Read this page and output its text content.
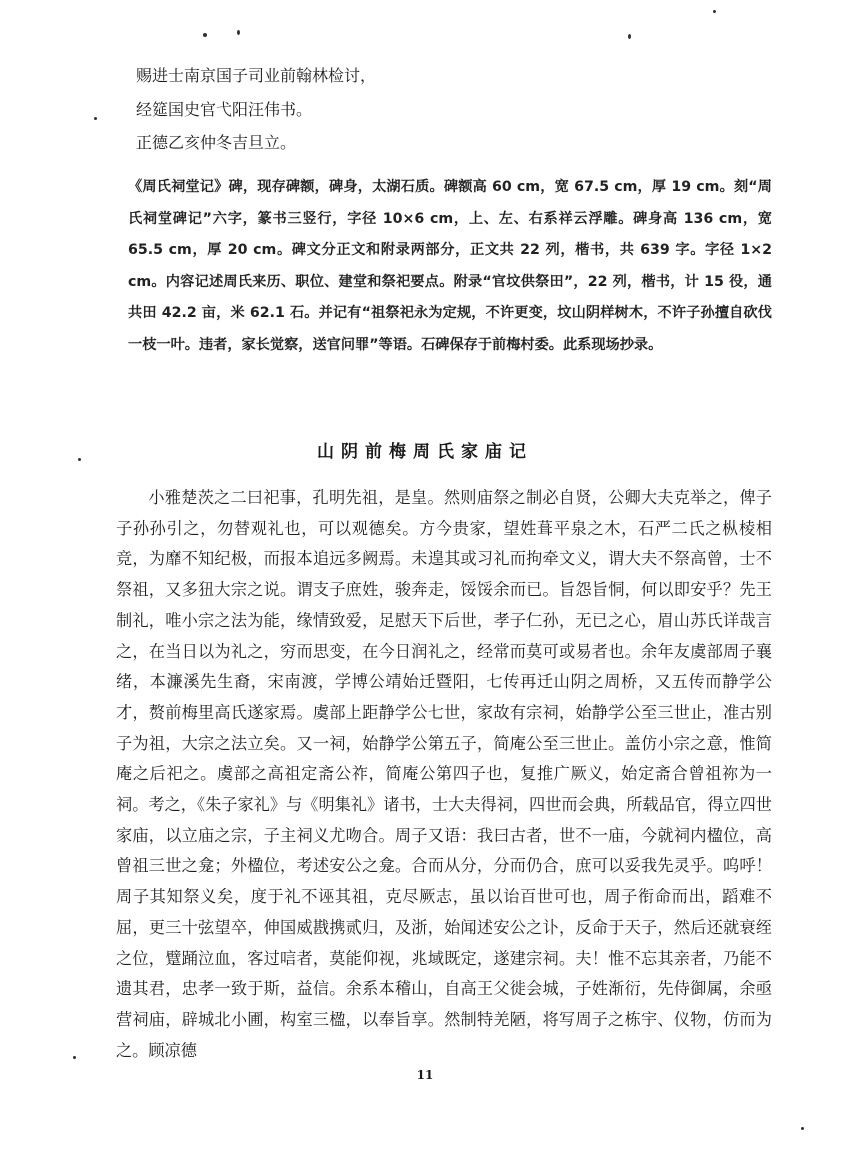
赐进士南京国子司业前翰林检讨，
经筵国史官弋阳汪伟书。
正德乙亥仲冬吉旦立。

《周氏祠堂记》碑，现存碑额，碑身，太湖石质。碑额高 60 cm，宽 67.5 cm，厚 19 cm。刻“周氏祠堂碑记”六字，篆书三竖行，字径 10×6 cm，上、左、右系祥云浮雕。碑身高 136 cm，宽 65.5 cm，厚 20 cm。碑文分正文和附录两部分，正文共 22 列，楷书，共 639 字。字径 1×2 cm。内容记述周氏来历、职位、建堂和祭祀要点。附录“官坟供祭田”，22 列，楷书，计 15 役，通共田 42.2 亩，米 62.1 石。并记有“祖祭祀永为定规，不许更变，坟山阴样树木，不许子孙擅自砍伐一枝一叶。违者，家长觉察，送官问罪”等语。石碑保存于前梅村委。此系现场抄录。

山阴前梅周氏家庙记

小雅楚茨之二曰祀事，孔明先祖，是皇。然则庙祭之制必自贤，公卿大夫克举之，俾子子孙孙引之，勿替观礼也，可以观德矣。方今贵家，望姓葺平泉之木，石严二氏之枞棱相竞，为靡不知纪极，而报本追远多阙焉。未遑其或习礼而拘牵文义，谓大夫不祭高曾，士不祭祖，又多狃大宗之说。谓支子庶姓，骏奔走，馁馁余而已。旨怨旨恫，何以即安乎？先王制礼，唯小宗之法为能，缘情致爱，足慰天下后世，孝子仁孙，无已之心，眉山苏氏详哉言之，在当日以为礼之，穷而思变，在今日润礼之，经常而莫可或易者也。余年友虞部周子襄绪，本濂溪先生裔，宋南渡，学博公靖始迁暨阳，七传再迁山阴之周桥，又五传而静学公才，赘前梅里高氏遂家焉。虞部上距静学公七世，家故有宗祠，始静学公至三世止，准古别子为祖，大宗之法立矣。又一祠，始静学公第五子，简庵公至三世止。盖仿小宗之意，惟简庵之后祀之。虞部之高祖定斋公祚，简庵公第四子也，复推广厥义，始定斋合曾祖祢为一祠。考之，《朱子家礼》与《明集礼》诸书，士大夫得祠，四世而会典，所载品官，得立四世家庙，以立庙之宗，子主祠义尤吻合。周子又语：我曰古者，世不一庙，今就祠内楹位，高曾祖三世之龛；外楹位，考述安公之龛。合而从分，分而仍合，庶可以妥我先灵乎。呜呼！周子其知祭义矣，度于礼不诬其祖，克尽厥志，虽以诒百世可也，周子衔命而出，蹈难不屈，更三十弦望卒，伸国威戡携贰归，及浙，始闻述安公之讣，反命于天子，然后还就衰绖之位，躄踊泣血，客过唁者，莫能仰视，兆域既定，遂建宗祠。夫！惟不忘其亲者，乃能不遗其君，忠孝一致于斯，益信。余系本稽山，自高王父徙会城，子姓渐衍，先侍御属，余亟营祠庙，辟城北小圃，构室三楹，以奉旨享。然制特羌陋，将写周子之栋宇、仪物，仿而为之。顾凉德

11
